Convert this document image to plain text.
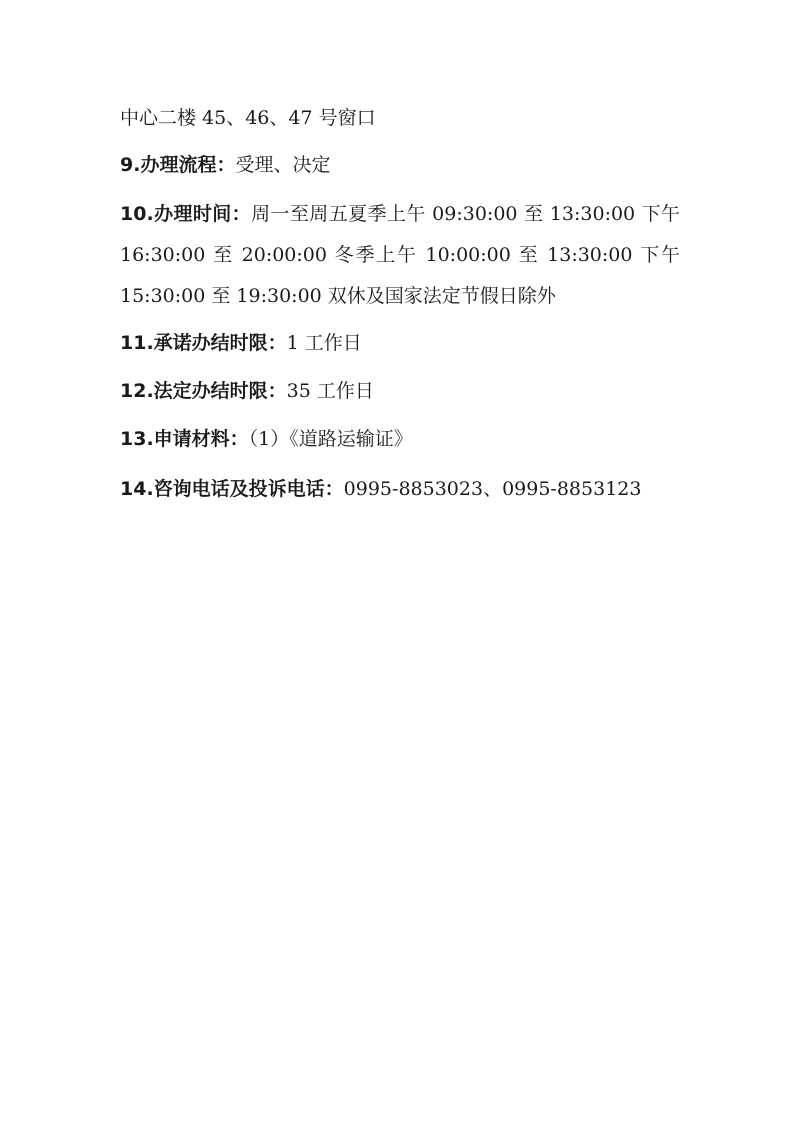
中心二楼 45、46、47 号窗口
9.办理流程：受理、决定
10.办理时间：周一至周五夏季上午 09:30:00 至 13:30:00 下午
16:30:00 至 20:00:00 冬季上午 10:00:00 至 13:30:00 下午
15:30:00 至 19:30:00 双休及国家法定节假日除外
11.承诺办结时限：1 工作日
12.法定办结时限：35 工作日
13.申请材料：（1）《道路运输证》
14.咨询电话及投诉电话：0995-8853023、0995-8853123
